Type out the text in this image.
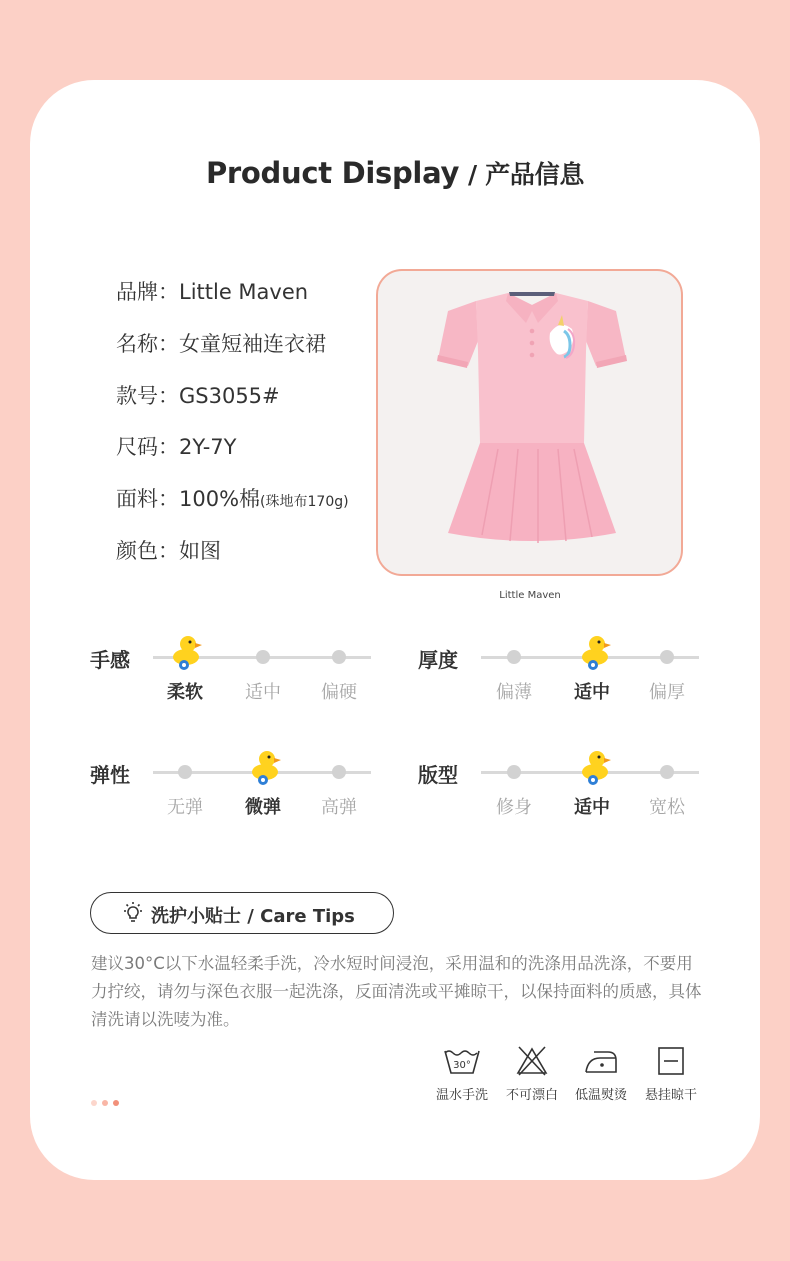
Product Display / 产品信息
品牌：Little Maven
名称：女童短袖连衣裙
款号：GS3055#
尺码：2Y-7Y
面料：100%棉(珠地布170g)
颜色：如图
Little Maven
手感
柔软	适中	偏硬
厚度
偏薄	适中	偏厚
弹性
无弹	微弹	高弹
版型
修身	适中	宽松
洗护小贴士 / Care Tips
建议30°C以下水温轻柔手洗，冷水短时间浸泡，采用温和的洗涤用品洗涤，不要用力拧绞，请勿与深色衣服一起洗涤，反面清洗或平摊晾干，以保持面料的质感，具体清洗请以洗唛为准。
30°
温水手洗	不可漂白	低温熨烫	悬挂晾干
